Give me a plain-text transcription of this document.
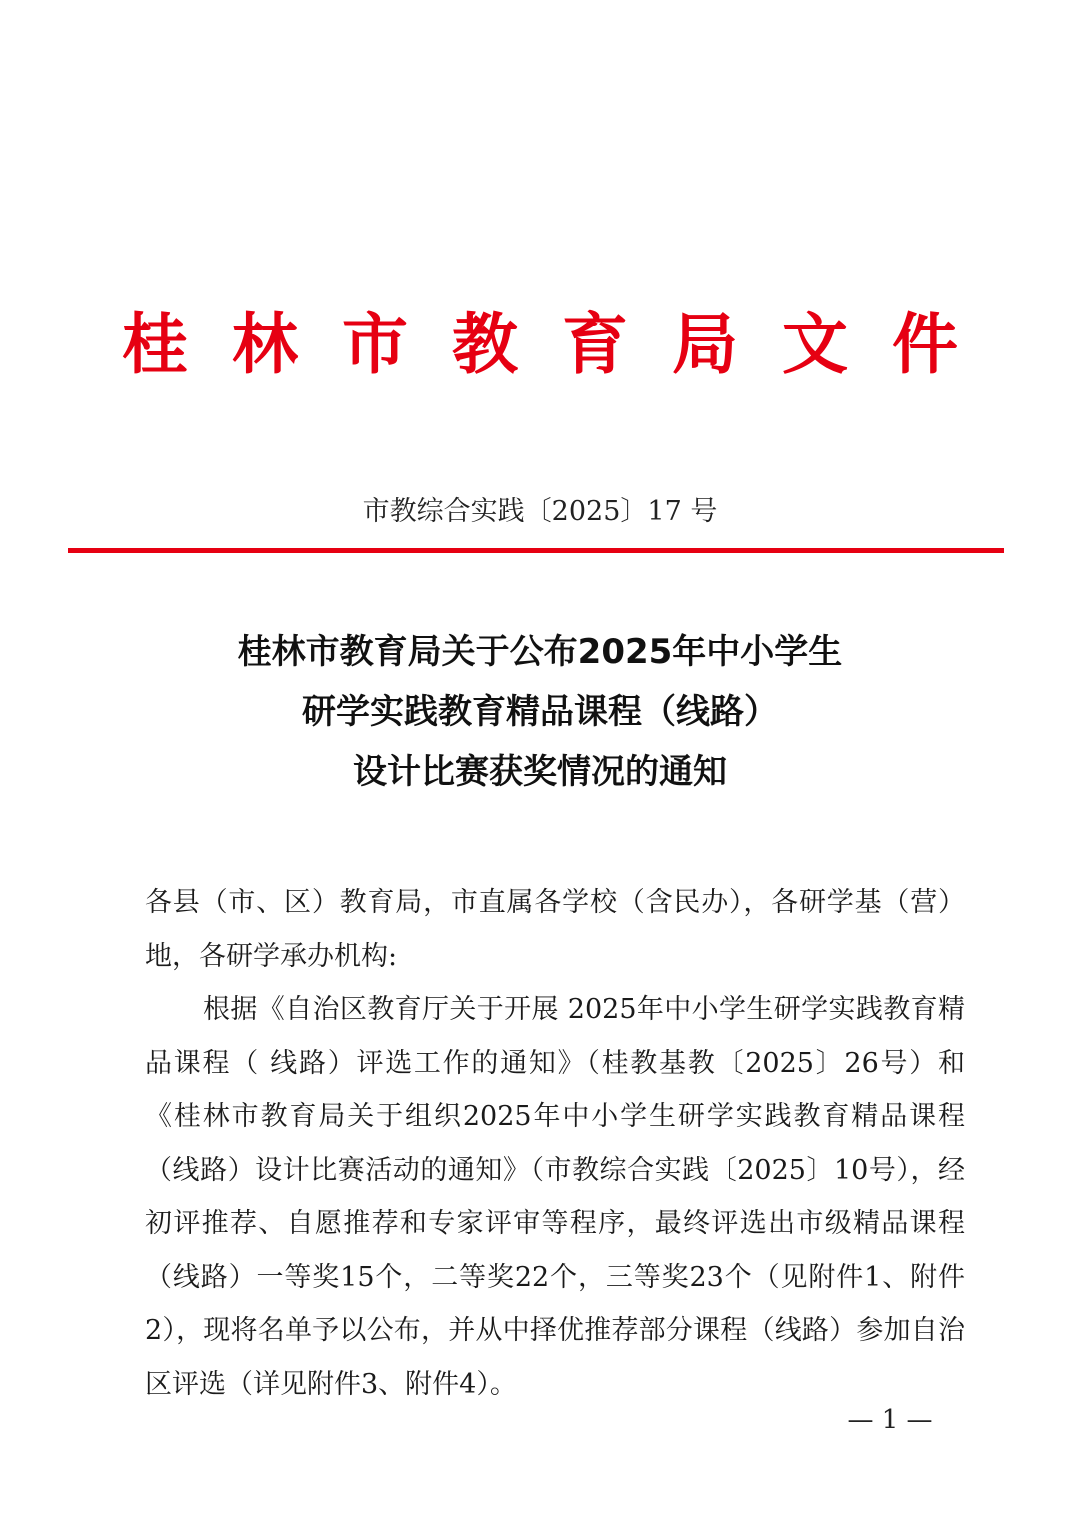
桂林市教育局文件
市教综合实践〔2025〕17 号
桂林市教育局关于公布2025年中小学生
研学实践教育精品课程（线路）
设计比赛获奖情况的通知

各县（市、区）教育局，市直属各学校（含民办），各研学基（营）地，各研学承办机构:

根据《自治区教育厅关于开展 2025年中小学生研学实践教育精品课程（ 线路）评选工作的通知》（桂教基教〔2025〕26号）和《桂林市教育局关于组织2025年中小学生研学实践教育精品课程（线路）设计比赛活动的通知》（市教综合实践〔2025〕10号），经初评推荐、自愿推荐和专家评审等程序，最终评选出市级精品课程（线路）一等奖15个，二等奖22个，三等奖23个（见附件1、附件2），现将名单予以公布，并从中择优推荐部分课程（线路）参加自治区评选（详见附件3、附件4）。

— 1 —
